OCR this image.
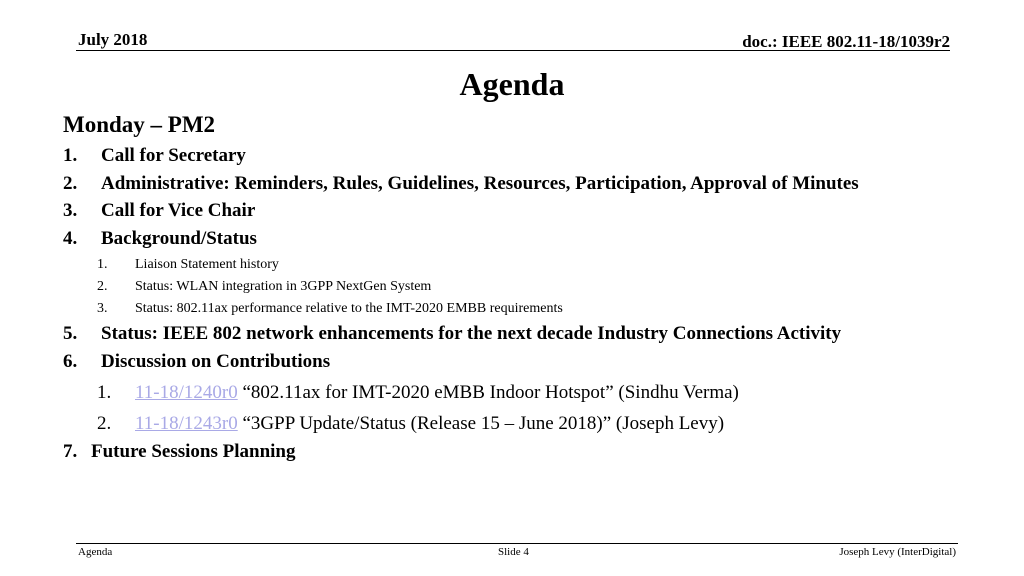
July 2018	doc.: IEEE 802.11-18/1039r2
Agenda
Monday – PM2
1. Call for Secretary
2. Administrative: Reminders, Rules, Guidelines, Resources, Participation, Approval of Minutes
3. Call for Vice Chair
4. Background/Status
1. Liaison Statement history
2. Status: WLAN integration in 3GPP NextGen System
3. Status: 802.11ax performance relative to the IMT-2020 EMBB requirements
5. Status: IEEE 802 network enhancements for the next decade Industry Connections Activity
6. Discussion on Contributions
1. 11-18/1240r0 “802.11ax for IMT-2020 eMBB Indoor Hotspot” (Sindhu Verma)
2. 11-18/1243r0 “3GPP Update/Status (Release 15 – June 2018)” (Joseph Levy)
7. Future Sessions Planning
Agenda	Slide 4	Joseph Levy (InterDigital)
